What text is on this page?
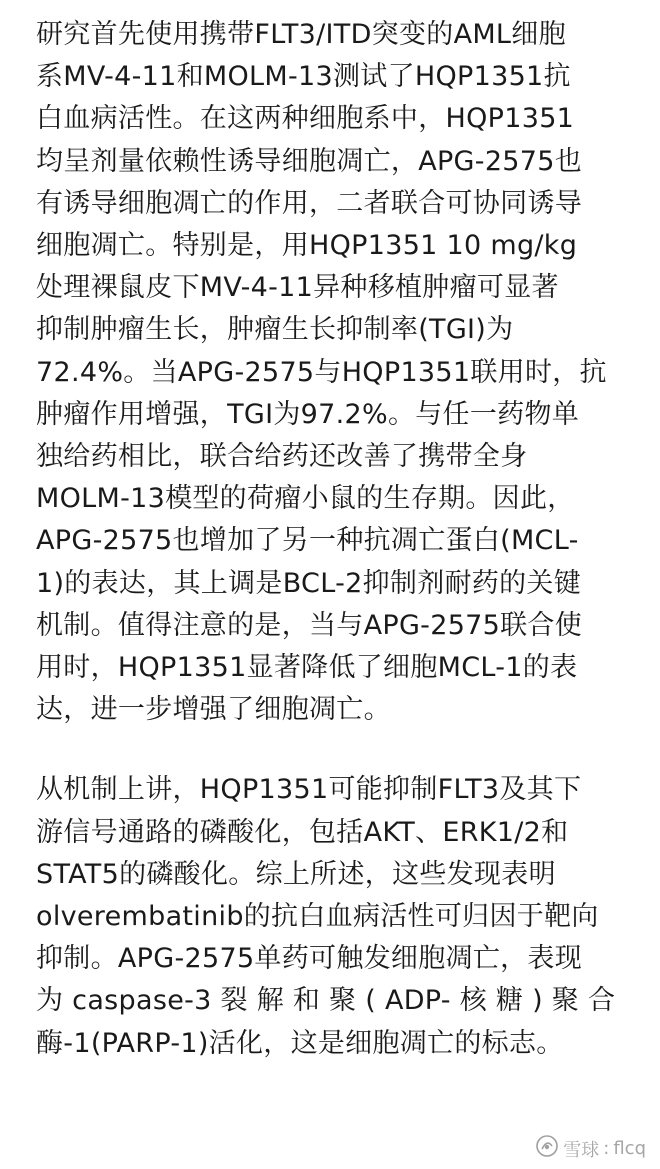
研究首先使用携带FLT3/ITD突变的AML细胞
系MV-4-11和MOLM-13测试了HQP1351抗
白血病活性。在这两种细胞系中，HQP1351
均呈剂量依赖性诱导细胞凋亡，APG-2575也
有诱导细胞凋亡的作用，二者联合可协同诱导
细胞凋亡。特别是，用HQP1351 10 mg/kg
处理裸鼠皮下MV-4-11异种移植肿瘤可显著
抑制肿瘤生长，肿瘤生长抑制率(TGI)为
72.4%。当APG-2575与HQP1351联用时，抗
肿瘤作用增强，TGI为97.2%。与任一药物单
独给药相比，联合给药还改善了携带全身
MOLM-13模型的荷瘤小鼠的生存期。因此，
APG-2575也增加了另一种抗凋亡蛋白(MCL-
1)的表达，其上调是BCL-2抑制剂耐药的关键
机制。值得注意的是，当与APG-2575联合使
用时，HQP1351显著降低了细胞MCL-1的表
达，进一步增强了细胞凋亡。
从机制上讲，HQP1351可能抑制FLT3及其下
游信号通路的磷酸化，包括AKT、ERK1/2和
STAT5的磷酸化。综上所述，这些发现表明
olverembatinib的抗白血病活性可归因于靶向
抑制。APG-2575单药可触发细胞凋亡，表现
为 caspase-3 裂 解 和 聚 ( ADP- 核 糖 ) 聚 合
酶-1(PARP-1)活化，这是细胞凋亡的标志。
雪球 : flcq
